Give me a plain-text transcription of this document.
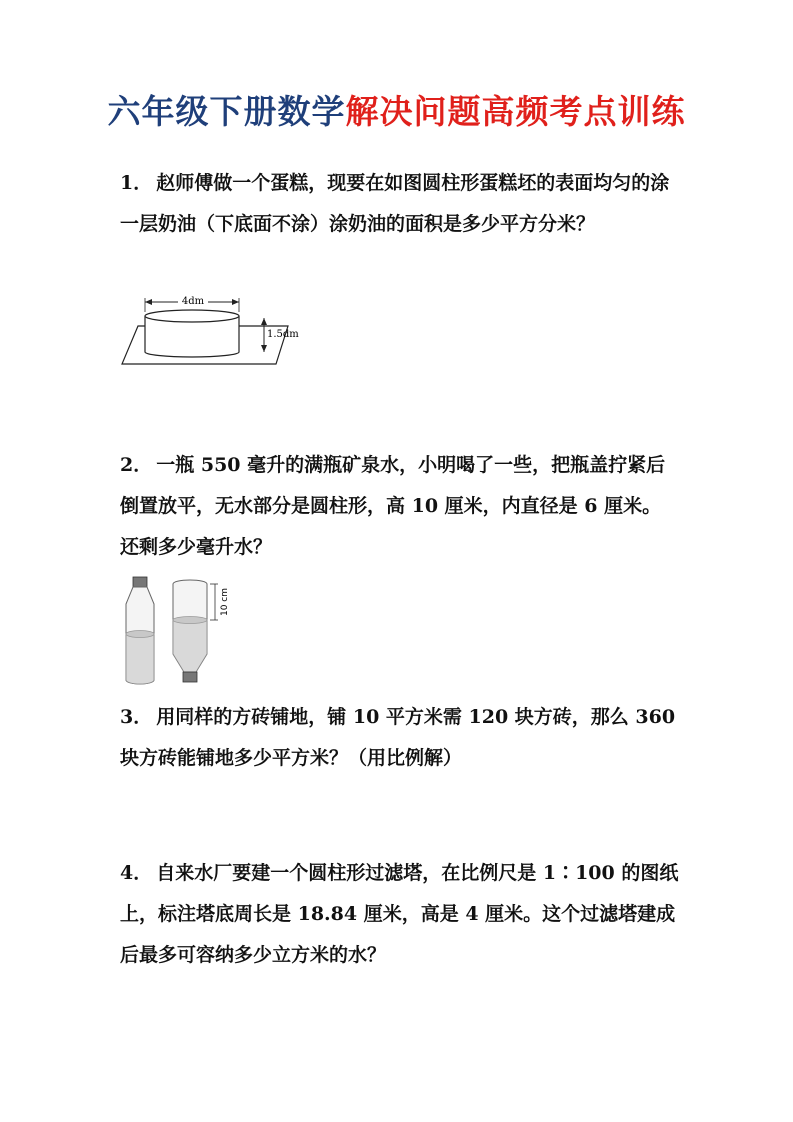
六年级下册数学解决问题高频考点训练
1． 赵师傅做一个蛋糕，现要在如图圆柱形蛋糕坯的表面均匀的涂一层奶油（下底面不涂）涂奶油的面积是多少平方分米？
4dm
1.5dm
2． 一瓶 550 毫升的满瓶矿泉水，小明喝了一些，把瓶盖拧紧后倒置放平，无水部分是圆柱形，高 10 厘米，内直径是 6 厘米。还剩多少毫升水？
10 cm
3． 用同样的方砖铺地，铺 10 平方米需 120 块方砖，那么 360 块方砖能铺地多少平方米？（用比例解）
4． 自来水厂要建一个圆柱形过滤塔，在比例尺是 1∶100 的图纸上，标注塔底周长是 18.84 厘米，高是 4 厘米。这个过滤塔建成后最多可容纳多少立方米的水？
